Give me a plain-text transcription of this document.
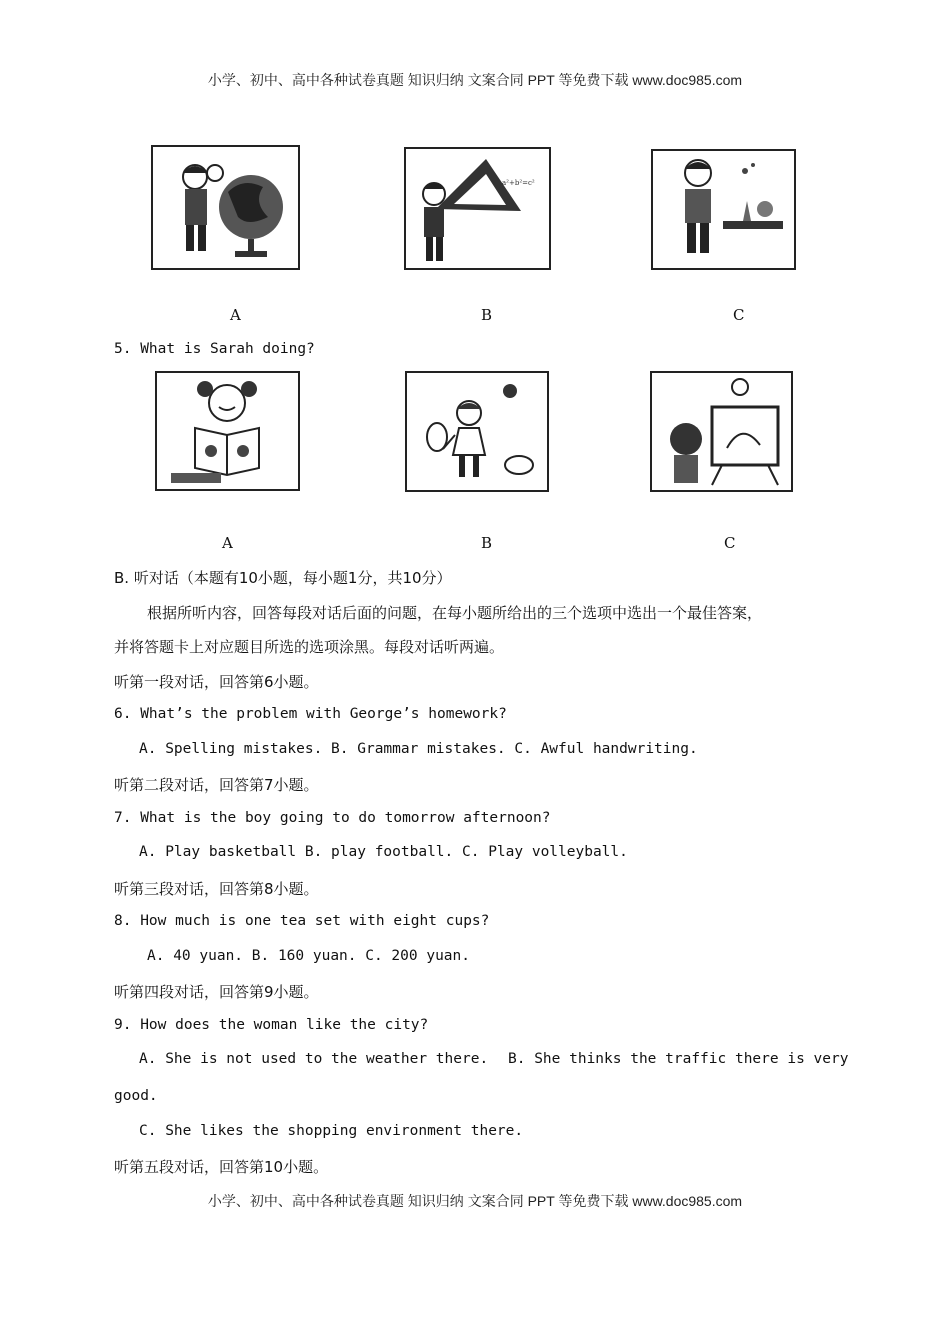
小学、初中、高中各种试卷真题 知识归纳 文案合同 PPT 等免费下载 www.doc985.com
a²+b²=c²
A	B	C
5. What is Sarah doing?
A	B	C
B. 听对话（本题有10小题，每小题1分，共10分）
根据所听内容，回答每段对话后面的问题，在每小题所给出的三个选项中选出一个最佳答案，
并将答题卡上对应题目所选的选项涂黑。每段对话听两遍。
听第一段对话，回答第6小题。
6. What’s the problem with George’s homework?
A. Spelling mistakes. B. Grammar mistakes. C. Awful handwriting.
听第二段对话，回答第7小题。
7. What is the boy going to do tomorrow afternoon?
A. Play basketball B. play football. C. Play volleyball.
听第三段对话，回答第8小题。
8. How much is one tea set with eight cups?
A. 40 yuan. B. 160 yuan. C. 200 yuan.
听第四段对话，回答第9小题。
9. How does the woman like the city?
A. She is not used to the weather there. B. She thinks the traffic there is very
good.
C. She likes the shopping environment there.
听第五段对话，回答第10小题。
小学、初中、高中各种试卷真题 知识归纳 文案合同 PPT 等免费下载 www.doc985.com
